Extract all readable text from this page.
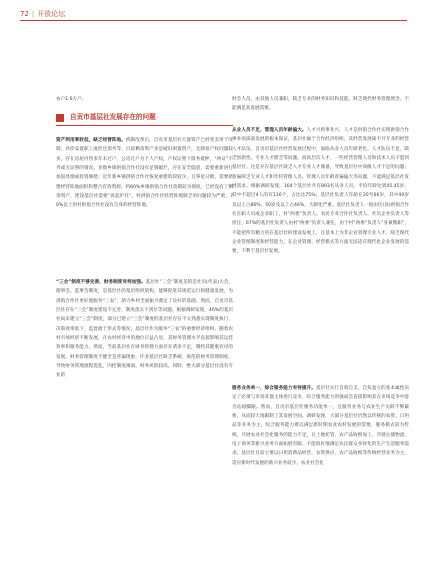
72 | 开放论坛

农户1.6万户。

自贡市基层社发展存在的问题

资产利用率较低，缺乏经营阵地。机制改革后，自贡市基层社大量资产已经变卖用于改制，补偿安置职工或偿还债务等，目前剩余资产多是破旧闲置资产，且除留产权问题较多，存在房屋内售多年未过户，公房过户为个人产权，产权证照下债务抵押，“两证”不齐或无证照的情况。多数乡镇供销合作社没有足制破烂，存在安全隐患，需要重新进行加固处理或投资修建；近年新乡镇供销合作社恢复重建阶段较少，且零星分散，需要新建经营阵地面积和整合有效资源，约60%乡镇供销合作社改制较为彻底，已经没有了剩余资产，建设基层社需要“再起炉灶”，村供销合作社经营阵地缺乏的问题较为严重，70%以上的村供销合作社没有自身的经营阵地。

“三会”制度不够完善，财务制度有待加强。基层社“三会”制度是的是社员(代表)大会、理事会、监事会制度，是基层社的基层组织架构，能够促进其规范运行和健康发展，为供销合作社更好地服务“三农”、助力乡村全面振兴奠定了良好的基础。然而，自贡市基层社存在“三会”制度建设不完善，制度落实不到位等问题。根据调研发现，46%的基层社尚未建立“三会”制度，部分已建立“三会”制度的基层社存在不太熟悉实现制度执行，决策效率低下，监督流于形式等情况；基层社作为服务“三农”的重要经济组织，随着农村市场经济不断发展，在农村经济中的地位日益凸显，其财务管理水平直接影响其运营效率和服务能力。然而，当前基层社在财务管理方面存在诸多不足，制约其健康有序的发展。财务管理制度不健全是普遍现象，许多基层社缺乏系统、规范的财务管理制度，导致财务管理流程混乱，内控制度薄弱，财务风险较高。同时，绝大部分基层社没有专业的

财会人员，由其他人员兼职，缺乏专业的财务知识和技能，缺乏现代财务管理理念，不能满足其发展需要。

从业人员不足，管理人员年龄偏大。人才兴则事业兴，人才是供销合作社实现供销合作事业高质量发展的根本保证，基层社属于合作经济组织，其经营发展离不开专业的经营人才队伍。自贡市基层社经营发展过程中，面临从业人员年龄老化、人才队伍不足、缺乏创新性、专业人才匮乏等问题。而高层次人才、一些经营管理人员和技术人员不愿到基层社。这是存在基层社缺乏人才专业人才储备，导致基层社中高级人才不足的问题；普遍缺乏专业人才和年轻管理人员，管理人员年龄普遍偏大等问题，不能满足基层社发展需求。根据调研发现，164个基层社共有893名从业人员，平均年龄达到45.45岁，其中不超过4人的有116个，占比达75%；基层社负责人年龄在20至66岁，其中40岁及以上占86%，50岁及以上占46%，大龄化严重。基层社负责人一般由区(县)供销合作社在职人员或企业职工、村“两委”负责人、农民专业合作社负责人、社员企业负责人等担任，67%的基层社负责人由村“两委”负责人兼任，由于村“两委”负责人“身兼数职”，不能把所有精力用在基层社的建设发展上，且基本上为非企业管理专业人才，缺乏现代企业管理制度和经营能力，在企业管理、经营模式等方面无法适应现代化企业发展的需要，不利于基层社发展。

服务业务单一，综合服务能力有待提升。基层社实行自收自支、自负盈亏的基本属性决定了必须与市场其他主体进行竞争，综合服务能力的强弱会直接影响其在市场竞争中能否站稳脚跟。然而，自贡市基层社服务功能单一，且服务业务与农业生产关联不够紧密，从而较大地限制了其发展空间。调研发现，大部分基层社仍然以传统的农资、日用品等业务为主，综合服务能力难以满足新时期农业农村发展的需要，服务模式较为传统，开展农业社会化服务的能力不足，在土地托管、农产品收购加工、冷链仓储物流、电子商务等新兴业务方面拓展有限，不能很好地满足农民群众多样化的生产生活服务需求。基层社目前主要以日用消费品经营、农资供应、农产品收购等传统经营业务为主，适应新时代发展的新兴业务较少，农业社会化
